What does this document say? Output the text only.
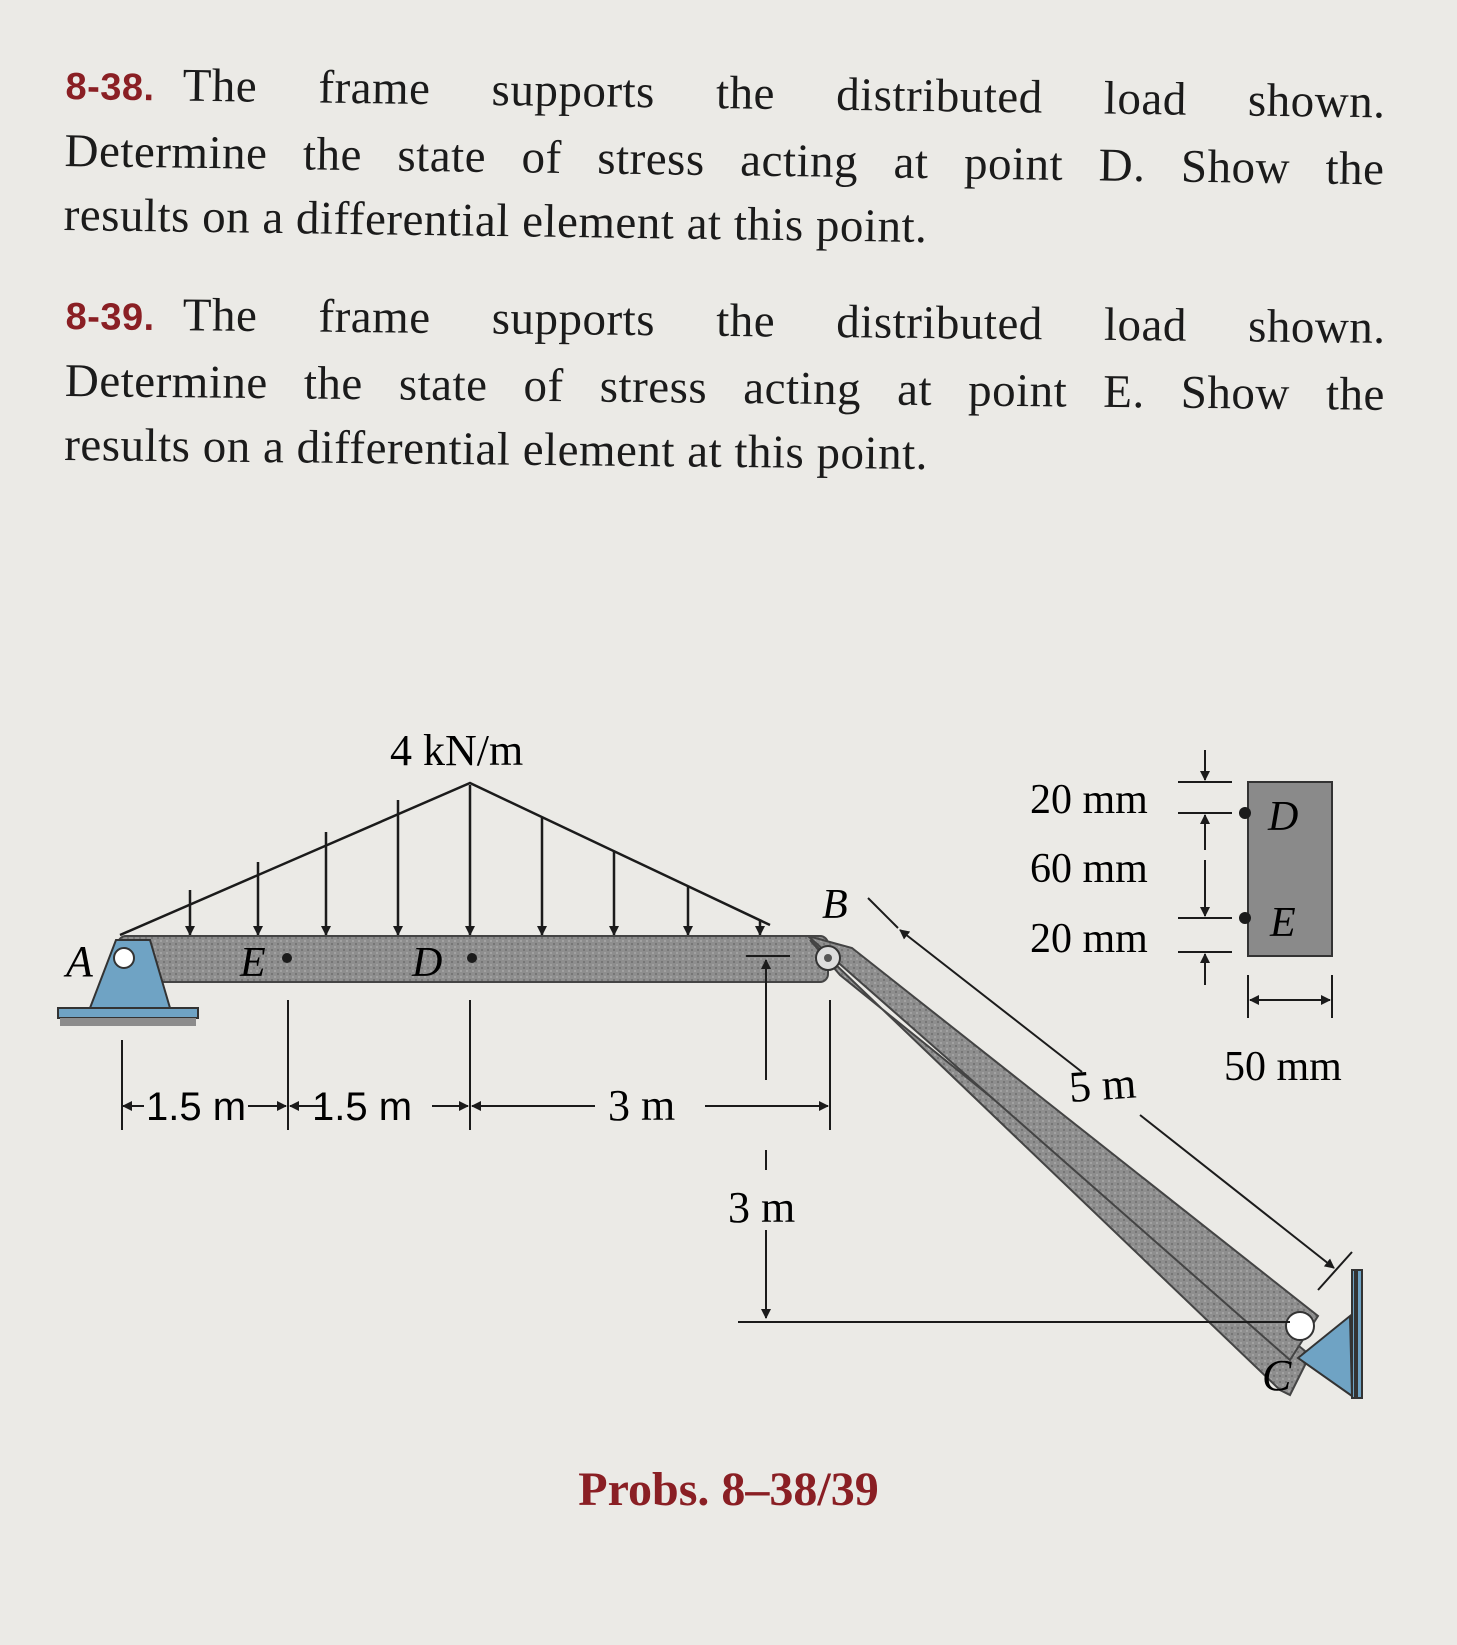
8-38. The frame supports the distributed load shown.
Determine the state of stress acting at point D. Show the
results on a differential element at this point.
8-39. The frame supports the distributed load shown.
Determine the state of stress acting at point E. Show the
results on a differential element at this point.
4 kN/m
A	E	D
B
C
1.5 m 1.5 m	3 m
3 m
5 m
D
E
20 mm
60 mm
20 mm
50 mm
Probs. 8–38/39
